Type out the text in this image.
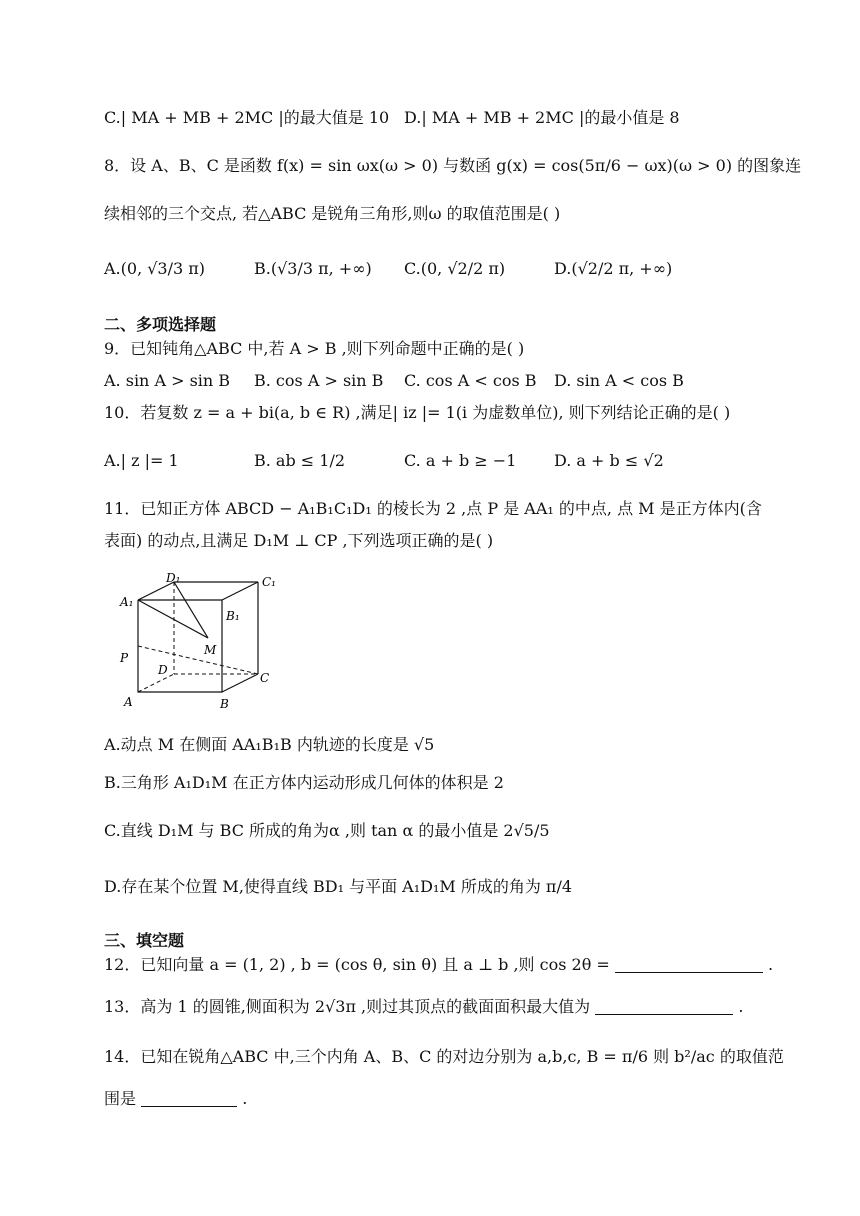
C.| MA + MB + 2MC |的最大值是 10 D.| MA + MB + 2MC |的最小值是 8
8．设 A、B、C 是函数 f(x) = sin ωx(ω > 0) 与数函 g(x) = cos(5π/6 − ωx)(ω > 0) 的图象连
续相邻的三个交点, 若△ABC 是锐角三角形,则ω 的取值范围是( )
A.(0, √3/3 π)	B.(√3/3 π, +∞) C.(0, √2/2 π)	D.(√2/2 π, +∞)
二、多项选择题
9．已知钝角△ABC 中,若 A > B ,则下列命题中正确的是( )
A. sin A > sin B B. cos A > sin B C. cos A < cos B D. sin A < cos B
10．若复数 z = a + bi(a, b ∈ R) ,满足| iz |= 1(i 为虚数单位), 则下列结论正确的是( )
A.| z |= 1	B. ab ≤ 1/2	C. a + b ≥ −1 D. a + b ≤ √2
11．已知正方体 ABCD − A₁B₁C₁D₁ 的棱长为 2 ,点 P 是 AA₁ 的中点, 点 M 是正方体内(含
表面) 的动点,且满足 D₁M ⊥ CP ,下列选项正确的是( )
D₁	C₁
A₁
B₁
M
P
D
C
A	B
A.动点 M 在侧面 AA₁B₁B 内轨迹的长度是 √5
B.三角形 A₁D₁M 在正方体内运动形成几何体的体积是 2
C.直线 D₁M 与 BC 所成的角为α ,则 tan α 的最小值是 2√5/5
D.存在某个位置 M,使得直线 BD₁ 与平面 A₁D₁M 所成的角为 π/4
三、填空题
12．已知向量 a = (1, 2) , b = (cos θ, sin θ) 且 a ⊥ b ,则 cos 2θ =	.
13．高为 1 的圆锥,侧面积为 2√3π ,则过其顶点的截面面积最大值为	.
14．已知在锐角△ABC 中,三个内角 A、B、C 的对边分别为 a,b,c, B = π/6 则 b²/ac 的取值范
围是	.
